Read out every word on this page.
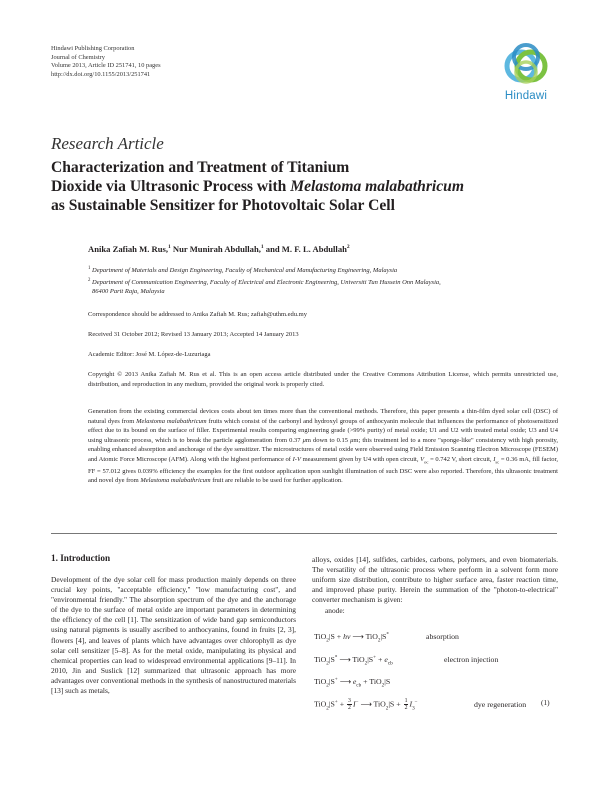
Hindawi Publishing Corporation
Journal of Chemistry
Volume 2013, Article ID 251741, 10 pages
http://dx.doi.org/10.1155/2013/251741
Hindawi
Research Article
Characterization and Treatment of Titanium
Dioxide via Ultrasonic Process with Melastoma malabathricum
as Sustainable Sensitizer for Photovoltaic Solar Cell
Anika Zafiah M. Rus,$^1$ Nur Munirah Abdullah,$^1$ and M. F. L. Abdullah$^2$
$^1$ Department of Materials and Design Engineering, Faculty of Mechanical and Manufacturing Engineering, Malaysia
$^2$ Department of Communication Engineering, Faculty of Electrical and Electronic Engineering, Universiti Tun Hussein Onn Malaysia,
86400 Parit Raja, Malaysia
Correspondence should be addressed to Anika Zafiah M. Rus; zafiah@uthm.edu.my
Received 31 October 2012; Revised 13 January 2013; Accepted 14 January 2013
Academic Editor: José M. López-de-Luzuriaga
Copyright © 2013 Anika Zafiah M. Rus et al. This is an open access article distributed under the Creative Commons Attribution License, which permits unrestricted use, distribution, and reproduction in any medium, provided the original work is properly cited.
Generation from the existing commercial devices costs about ten times more than the conventional methods. Therefore, this paper presents a thin-film dyed solar cell (DSC) of natural dyes from Melastoma malabathricum fruits which consist of the carbonyl and hydroxyl groups of anthocyanin molecule that influences the performance of photosensitized effect due to its bound on the surface of filler. Experimental results comparing engineering grade (>99% purity) of metal oxide; U1 and U2 with treated metal oxide; U3 and U4 using ultrasonic process, which is to break the particle agglomeration from 0.37 μm down to 0.15 μm; this treatment led to a more "sponge-like" consistency with high porosity, enabling enhanced absorption and anchorage of the dye sensitizer. The microstructures of metal oxide were observed using Field Emission Scanning Electron Microscope (FESEM) and Atomic Force Microscope (AFM). Along with the highest performance of I-V measurement given by U4 with open circuit, $V_{oc} = 0.742$ V, short circuit, $I_{sc} = 0.36$ mA, fill factor, FF = 57.012 gives 0.039% efficiency the examples for the first outdoor application upon sunlight illumination of such DSC were also reported. Therefore, this ultrasonic treatment and novel dye from Melastoma malabathricum fruit are reliable to be used for further application.
1. Introduction
Development of the dye solar cell for mass production mainly depends on three crucial key points, "acceptable efficiency," "low manufacturing cost", and "environmental friendly." The absorption spectrum of the dye and the anchorage of the dye to the surface of metal oxide are important parameters in determining the efficiency of the cell [1]. The sensitization of wide band gap semiconductors using natural pigments is usually ascribed to anthocyanins, found in fruits [2, 3], flowers [4], and leaves of plants which have advantages over chlorophyll as dye solar cell sensitizer [5–8]. As for the metal oxide, manipulating its physical and chemical properties can lead to widespread environmental applications [9–11]. In 2010, Jin and Suslick [12] summarized that ultrasonic approach has more advantages over conventional methods in the synthesis of nanostructured materials [13] such as metals,
alloys, oxides [14], sulfides, carbides, carbons, polymers, and even biomaterials. The versatility of the ultrasonic process where perform in a solvent form more uniform size distribution, contribute to higher surface area, faster reaction time, and improved phase purity. Herein the summation of the "photon-to-electrical" converter mechanism is given:
anode:
TiO$_2$|S + hν ⟶ TiO$_2$|S*	absorption
TiO$_2$|S* ⟶ $TiO_2|S^+ + e_{cb}$	electron injection
TiO$_2$|S+ ⟶ $e_{cb} + TiO_2|S$
(1)
$TiO_2|S^+ + \frac{3}{2} I^-$ ⟶ $TiO_2|S + \frac{1}{2} I_3^-$	dye regeneration
